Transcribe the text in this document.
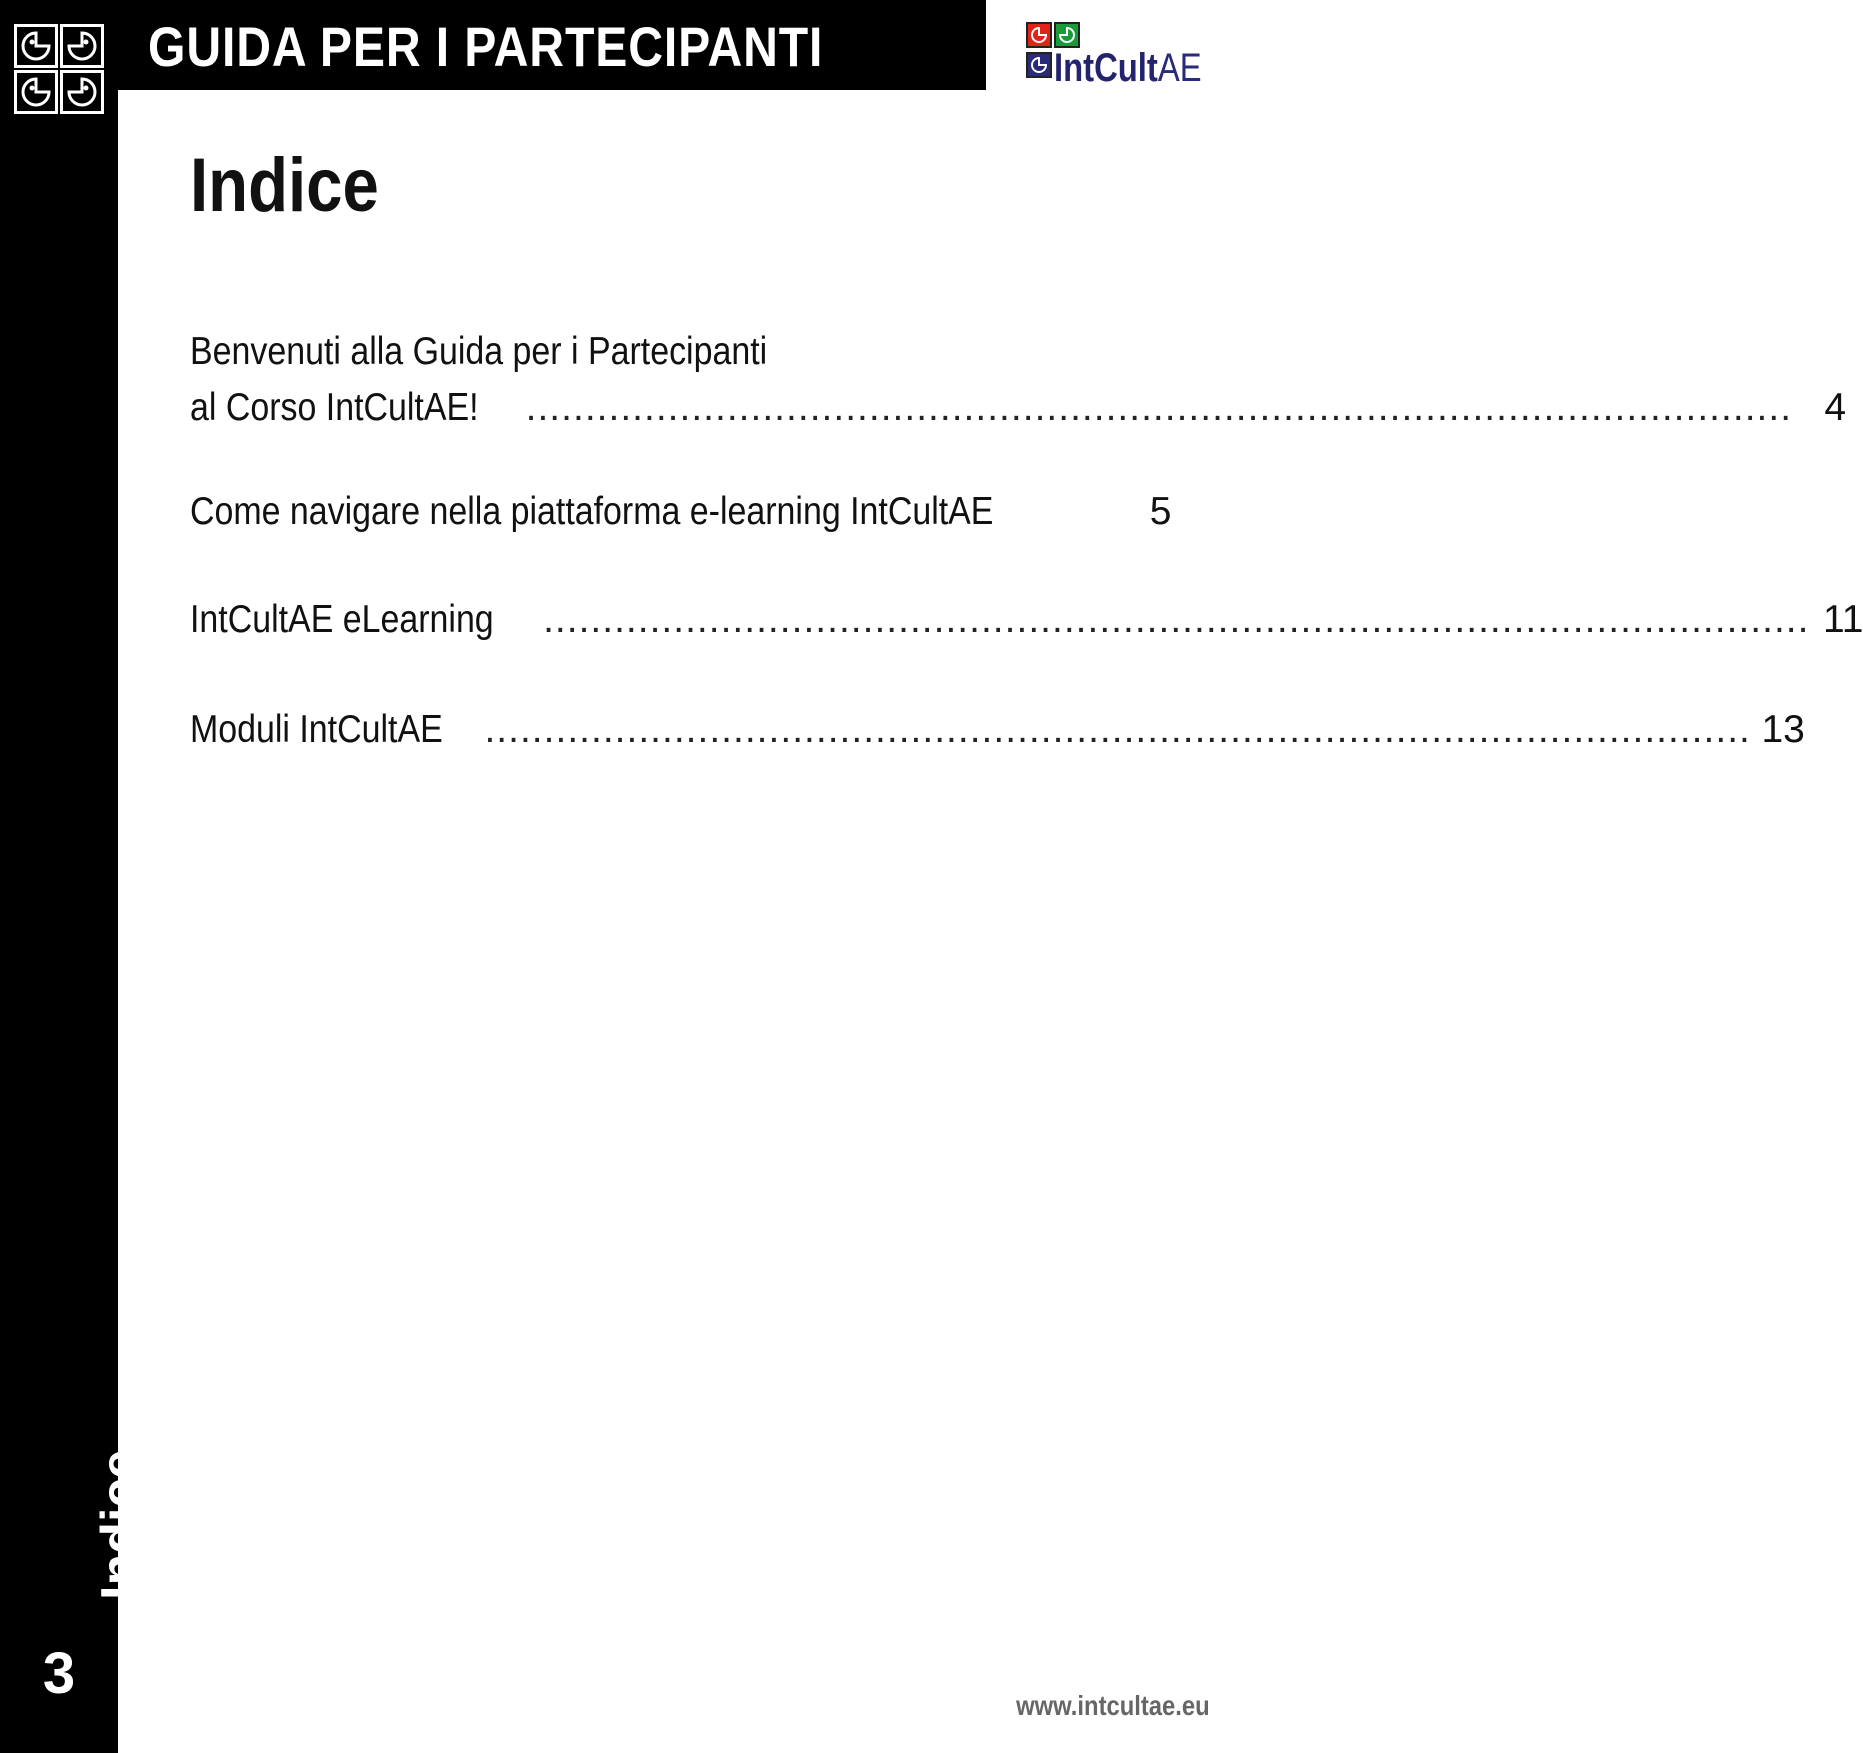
Indice
3
GUIDA PER I PARTECIPANTI	IntCultAE
Indice
Benvenuti alla Guida per i Partecipanti
al Corso IntCultAE! ........................................................................................................... 4
Come navigare nella piattaforma e-learning IntCultAE	5
IntCultAE eLearning ........................................................................................................... 11
Moduli IntCultAE ........................................................................................................... 13
www.intcultae.eu
